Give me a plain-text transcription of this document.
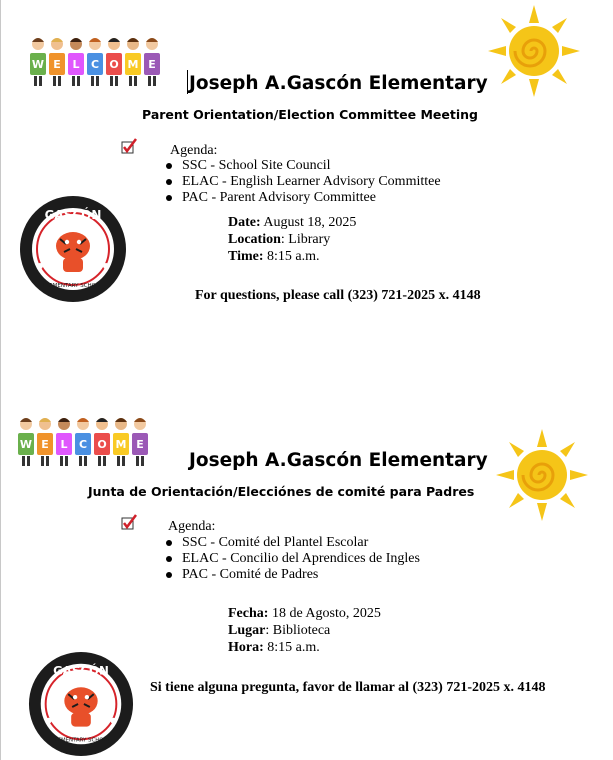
W E L C O M E
Joseph A.Gascón Elementary
Parent Orientation/Election Committee Meeting
Agenda:
SSC - School Site Council
ELAC - English Learner Advisory Committee
PAC - Parent Advisory Committee
Date: August 18, 2025
Location: Library
Time: 8:15 a.m.
GASCÓN
ELEMENTARY SCHOOL
For questions, please call (323) 721-2025 x. 4148
W E L C O M E
Joseph A.Gascón Elementary
Junta de Orientación/Elecciónes de comité para Padres
Agenda:
SSC - Comité del Plantel Escolar
ELAC - Concilio del Aprendices de Ingles
PAC - Comité de Padres
Fecha: 18 de Agosto, 2025
Lugar: Biblioteca
Hora: 8:15 a.m.
GASCÓN
ELEMENTARY SCHOOL
Si tiene alguna pregunta, favor de llamar al (323) 721-2025 x. 4148
